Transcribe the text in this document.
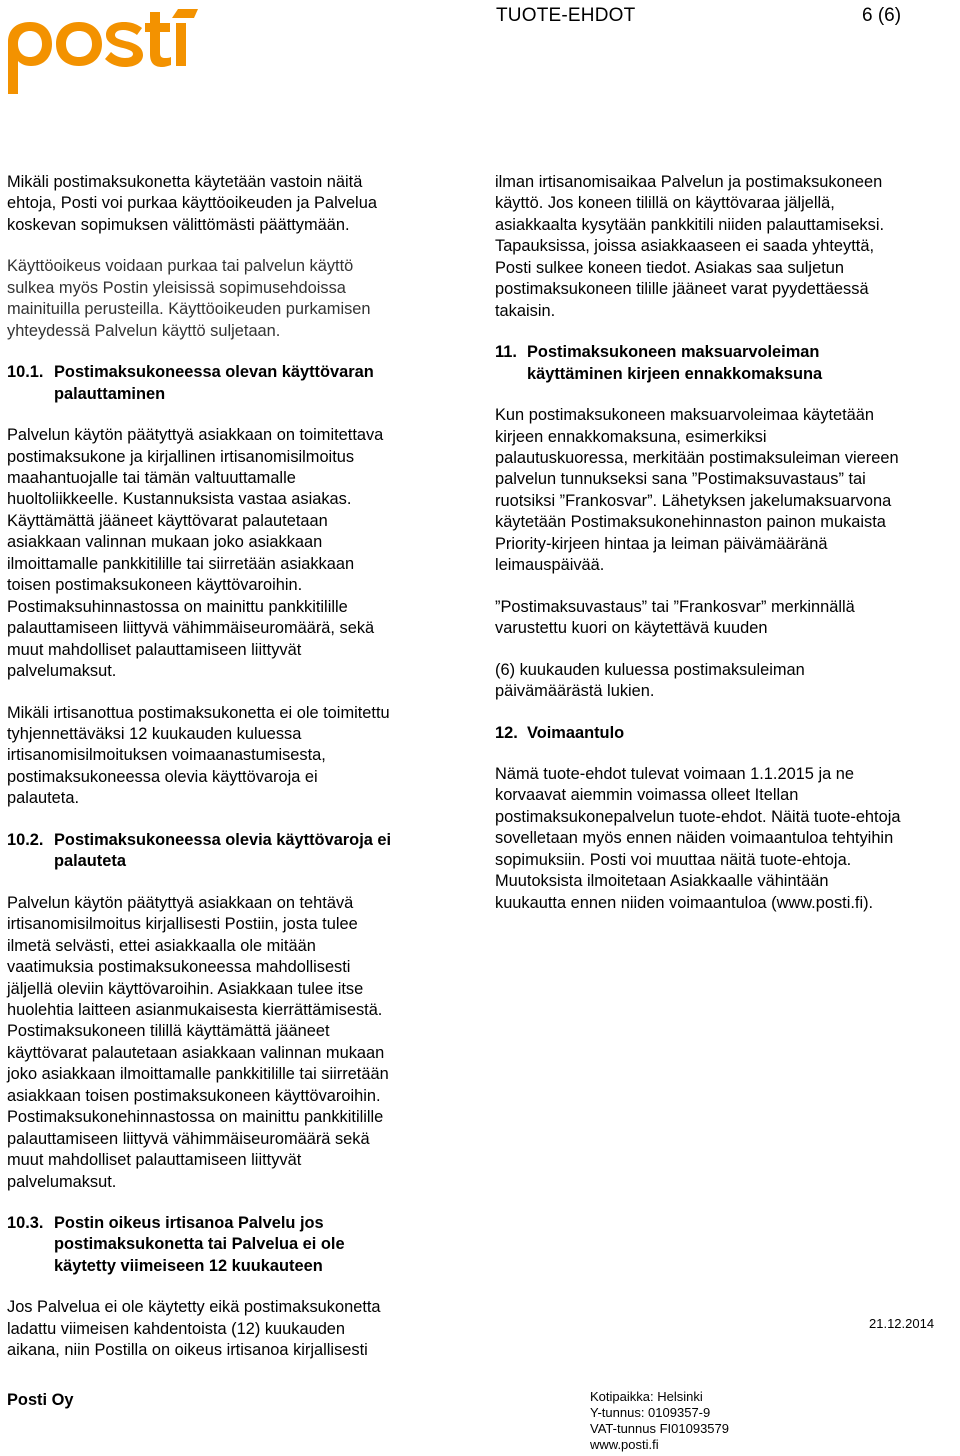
TUOTE-EHDOT	6 (6)

Mikäli postimaksukonetta käytetään vastoin näitä
ehtoja, Posti voi purkaa käyttöoikeuden ja Palvelua
koskevan sopimuksen välittömästi päättymään.

Käyttöoikeus voidaan purkaa tai palvelun käyttö
sulkea myös Postin yleisissä sopimusehdoissa
mainituilla perusteilla. Käyttöoikeuden purkamisen
yhteydessä Palvelun käyttö suljetaan.

10.1. Postimaksukoneessa olevan käyttövaran
palauttaminen

Palvelun käytön päätyttyä asiakkaan on toimitettava
postimaksukone ja kirjallinen irtisanomisilmoitus
maahantuojalle tai tämän valtuuttamalle
huoltoliikkeelle. Kustannuksista vastaa asiakas.
Käyttämättä jääneet käyttövarat palautetaan
asiakkaan valinnan mukaan joko asiakkaan
ilmoittamalle pankkitilille tai siirretään asiakkaan
toisen postimaksukoneen käyttövaroihin.
Postimaksuhinnastossa on mainittu pankkitilille
palauttamiseen liittyvä vähimmäiseuromäärä, sekä
muut mahdolliset palauttamiseen liittyvät
palvelumaksut.

Mikäli irtisanottua postimaksukonetta ei ole toimitettu
tyhjennettäväksi 12 kuukauden kuluessa
irtisanomisilmoituksen voimaanastumisesta,
postimaksukoneessa olevia käyttövaroja ei
palauteta.

10.2. Postimaksukoneessa olevia käyttövaroja ei
palauteta

Palvelun käytön päätyttyä asiakkaan on tehtävä
irtisanomisilmoitus kirjallisesti Postiin, josta tulee
ilmetä selvästi, ettei asiakkaalla ole mitään
vaatimuksia postimaksukoneessa mahdollisesti
jäljellä oleviin käyttövaroihin. Asiakkaan tulee itse
huolehtia laitteen asianmukaisesta kierrättämisestä.
Postimaksukoneen tilillä käyttämättä jääneet
käyttövarat palautetaan asiakkaan valinnan mukaan
joko asiakkaan ilmoittamalle pankkitilille tai siirretään
asiakkaan toisen postimaksukoneen käyttövaroihin.
Postimaksukonehinnastossa on mainittu pankkitilille
palauttamiseen liittyvä vähimmäiseuromäärä sekä
muut mahdolliset palauttamiseen liittyvät
palvelumaksut.

10.3. Postin oikeus irtisanoa Palvelu jos
postimaksukonetta tai Palvelua ei ole
käytetty viimeiseen 12 kuukauteen

Jos Palvelua ei ole käytetty eikä postimaksukonetta
ladattu viimeisen kahdentoista (12) kuukauden
aikana, niin Postilla on oikeus irtisanoa kirjallisesti

ilman irtisanomisaikaa Palvelun ja postimaksukoneen
käyttö. Jos koneen tilillä on käyttövaraa jäljellä,
asiakkaalta kysytään pankkitili niiden palauttamiseksi.
Tapauksissa, joissa asiakkaaseen ei saada yhteyttä,
Posti sulkee koneen tiedot. Asiakas saa suljetun
postimaksukoneen tilille jääneet varat pyydettäessä
takaisin.

11. Postimaksukoneen maksuarvoleiman
käyttäminen kirjeen ennakkomaksuna

Kun postimaksukoneen maksuarvoleimaa käytetään
kirjeen ennakkomaksuna, esimerkiksi
palautuskuoressa, merkitään postimaksuleiman viereen
palvelun tunnukseksi sana ”Postimaksuvastaus” tai
ruotsiksi ”Frankosvar”. Lähetyksen jakelumaksuarvona
käytetään Postimaksukonehinnaston painon mukaista
Priority-kirjeen hintaa ja leiman päivämääränä
leimauspäivää.

”Postimaksuvastaus” tai ”Frankosvar” merkinnällä
varustettu kuori on käytettävä kuuden

(6) kuukauden kuluessa postimaksuleiman
päivämäärästä lukien.

12. Voimaantulo

Nämä tuote-ehdot tulevat voimaan 1.1.2015 ja ne
korvaavat aiemmin voimassa olleet Itellan
postimaksukonepalvelun tuote-ehdot. Näitä tuote-ehtoja
sovelletaan myös ennen näiden voimaantuloa tehtyihin
sopimuksiin. Posti voi muuttaa näitä tuote-ehtoja.
Muutoksista ilmoitetaan Asiakkaalle vähintään
kuukautta ennen niiden voimaantuloa (www.posti.fi).

21.12.2014
Posti Oy	Kotipaikka: Helsinki
Y-tunnus: 0109357-9
VAT-tunnus FI01093579
www.posti.fi
